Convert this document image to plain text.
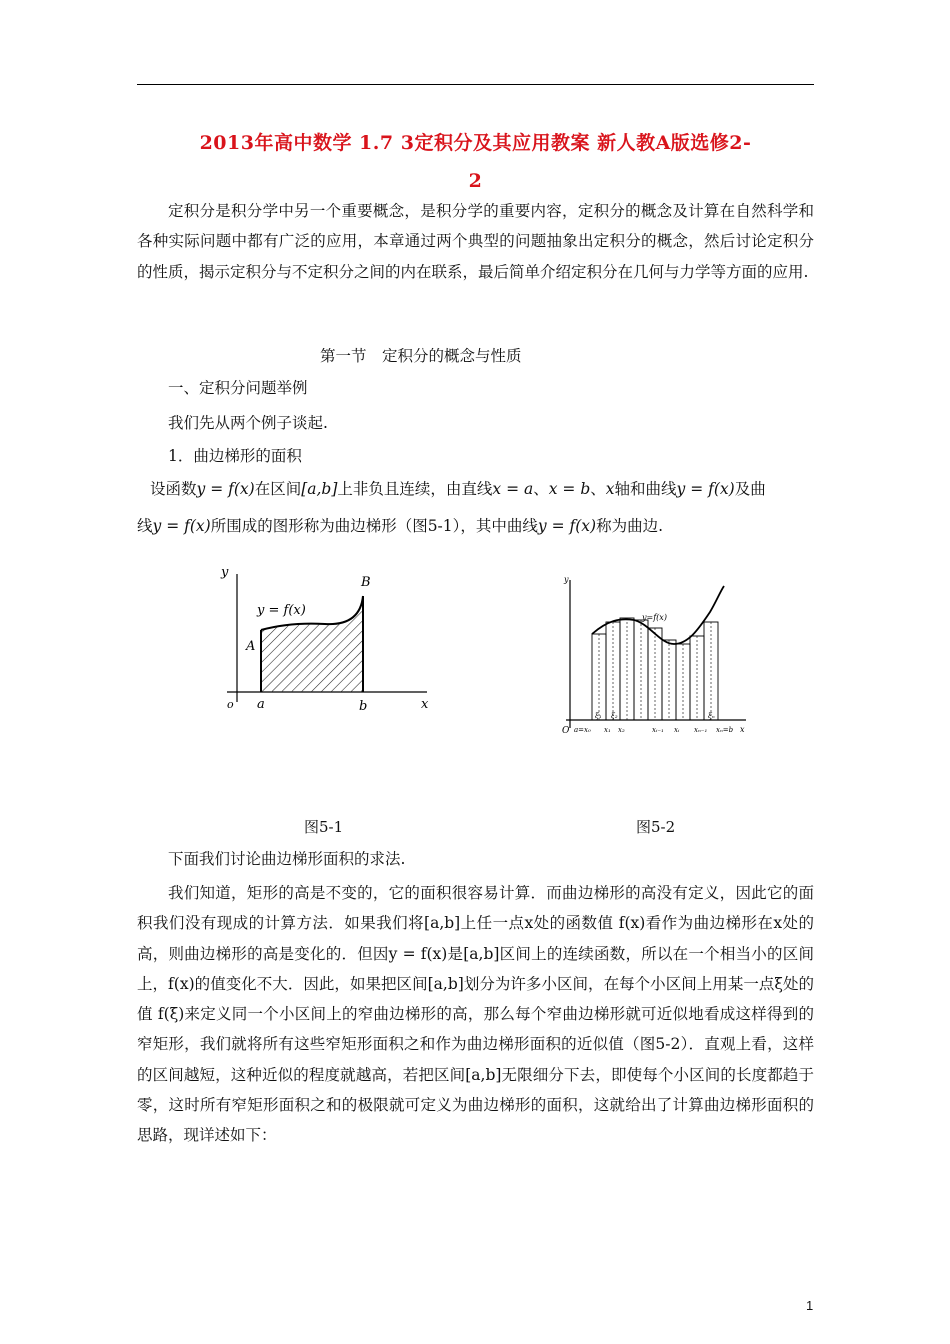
2013年高中数学 1.7 3定积分及其应用教案 新人教A版选修2-
2
定积分是积分学中另一个重要概念，是积分学的重要内容，定积分的概念及计算在自然科学和各种实际问题中都有广泛的应用，本章通过两个典型的问题抽象出定积分的概念，然后讨论定积分的性质，揭示定积分与不定积分之间的内在联系，最后简单介绍定积分在几何与力学等方面的应用.
第一节　定积分的概念与性质
一、定积分问题举例
我们先从两个例子谈起.
1．曲边梯形的面积
设函数y = f(x)在区间[a,b]上非负且连续，由直线x = a、x = b、x轴和曲线y = f(x)及曲
线y = f(x)所围成的图形称为曲边梯形（图5-1），其中曲线y = f(x)称为曲边.
y = f(x)
y
x
o
A
B
a	b
y=f(x)
y
x
O
ξ₁ ξ₂	ξₙ
a=x₀ x₁ x₂	xᵢ₋₁ xᵢ xₙ₋₁ xₙ=b
图5-1	图5-2
下面我们讨论曲边梯形面积的求法.
我们知道，矩形的高是不变的，它的面积很容易计算．而曲边梯形的高没有定义，因此它的面积我们没有现成的计算方法．如果我们将[a,b]上任一点x处的函数值 f(x)看作为曲边梯形在x处的高，则曲边梯形的高是变化的．但因y = f(x)是[a,b]区间上的连续函数，所以在一个相当小的区间上，f(x)的值变化不大．因此，如果把区间[a,b]划分为许多小区间，在每个小区间上用某一点ξ处的值 f(ξ)来定义同一个小区间上的窄曲边梯形的高，那么每个窄曲边梯形就可近似地看成这样得到的窄矩形，我们就将所有这些窄矩形面积之和作为曲边梯形面积的近似值（图5-2）．直观上看，这样的区间越短，这种近似的程度就越高，若把区间[a,b]无限细分下去，即使每个小区间的长度都趋于零，这时所有窄矩形面积之和的极限就可定义为曲边梯形的面积，这就给出了计算曲边梯形面积的思路，现详述如下：
1
